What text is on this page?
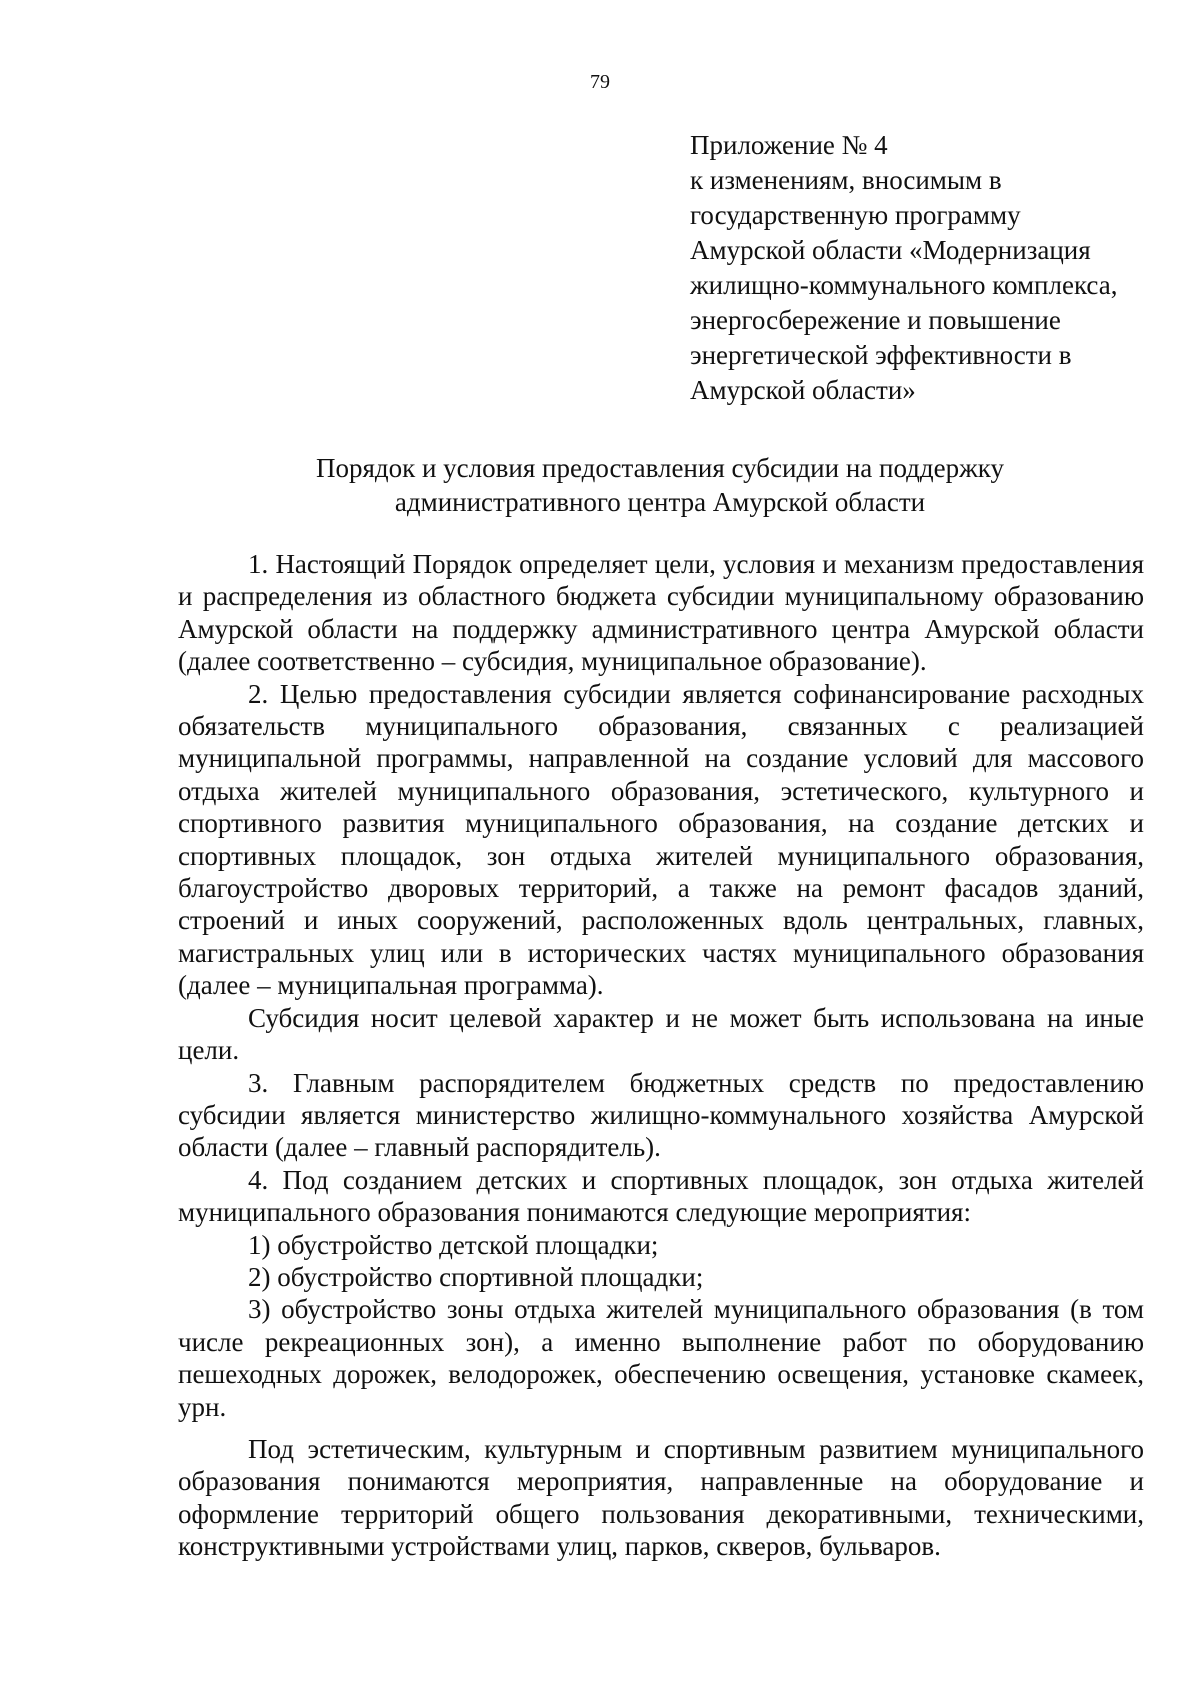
79
Приложение № 4
к изменениям, вносимым в
государственную программу
Амурской области «Модернизация
жилищно-коммунального комплекса,
энергосбережение и повышение
энергетической эффективности в
Амурской области»
Порядок и условия предоставления субсидии на поддержку
административного центра Амурской области

1. Настоящий Порядок определяет цели, условия и механизм предоставления и распределения из областного бюджета субсидии муниципальному образованию Амурской области на поддержку административного центра Амурской области (далее соответственно – субсидия, муниципальное образование).

2. Целью предоставления субсидии является софинансирование расходных обязательств муниципального образования, связанных с реализацией муниципальной программы, направленной на создание условий для массового отдыха жителей муниципального образования, эстетического, культурного и спортивного развития муниципального образования, на создание детских и спортивных площадок, зон отдыха жителей муниципального образования, благоустройство дворовых территорий, а также на ремонт фасадов зданий, строений и иных сооружений, расположенных вдоль центральных, главных, магистральных улиц или в исторических частях муниципального образования (далее – муниципальная программа).

Субсидия носит целевой характер и не может быть использована на иные цели.

3. Главным распорядителем бюджетных средств по предоставлению субсидии является министерство жилищно-коммунального хозяйства Амурской области (далее – главный распорядитель).

4. Под созданием детских и спортивных площадок, зон отдыха жителей муниципального образования понимаются следующие мероприятия:

1) обустройство детской площадки;

2) обустройство спортивной площадки;

3) обустройство зоны отдыха жителей муниципального образования (в том числе рекреационных зон), а именно выполнение работ по оборудованию пешеходных дорожек, велодорожек, обеспечению освещения, установке скамеек, урн.

Под эстетическим, культурным и спортивным развитием муниципального образования понимаются мероприятия, направленные на оборудование и оформление территорий общего пользования декоративными, техническими, конструктивными устройствами улиц, парков, скверов, бульваров.
